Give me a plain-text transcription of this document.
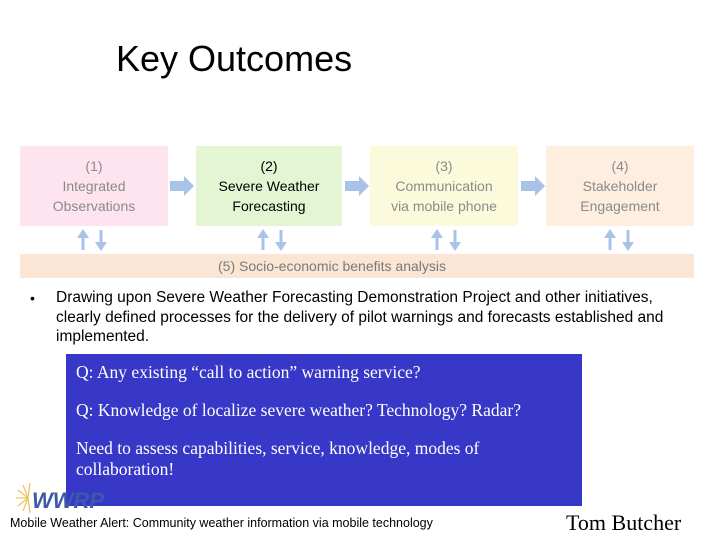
Key Outcomes
(1)
Integrated
Observations
(2)
Severe Weather
Forecasting
(3)
Communication
via mobile phone
(4)
Stakeholder
Engagement
(5) Socio-economic benefits analysis
• Drawing upon Severe Weather Forecasting Demonstration Project and other initiatives, clearly defined processes for the delivery of pilot warnings and forecasts established and implemented.

Q: Any existing “call to action” warning service?

Q: Knowledge of localize severe weather? Technology? Radar?

Need to assess capabilities, service, knowledge, modes of collaboration!

WWRP
Mobile Weather Alert: Community weather information via mobile technology	Tom Butcher
